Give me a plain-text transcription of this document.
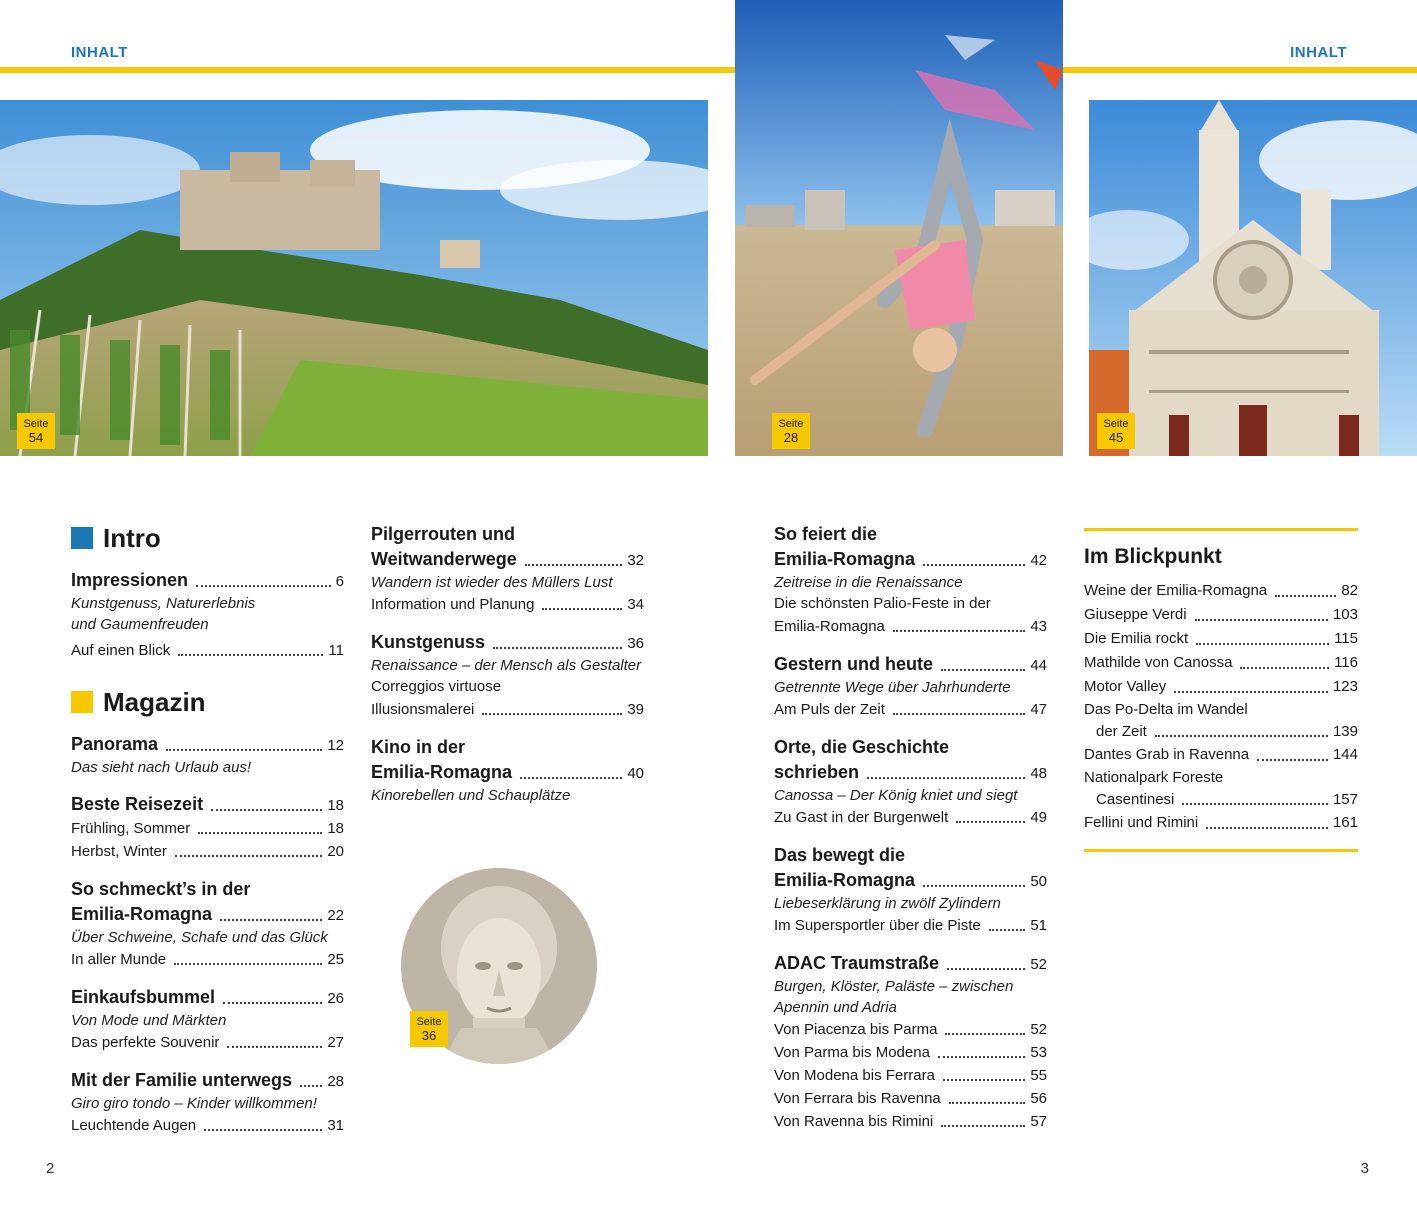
INHALT	INHALT
Seite
54
Seite
28
Seite
45
Intro
Impressionen	6
Kunstgenuss, Naturerlebnis
und Gaumenfreuden
Auf einen Blick	11
Magazin
Panorama	12
Das sieht nach Urlaub aus!
Beste Reisezeit	18
Frühling, Sommer	18
Herbst, Winter	20
So schmeckt’s in der
Emilia-Romagna	22
Über Schweine, Schafe und das Glück
In aller Munde	25
Einkaufsbummel	26
Von Mode und Märkten
Das perfekte Souvenir	27
Mit der Familie unterwegs 28
Giro giro tondo – Kinder willkommen!
Leuchtende Augen	31
Pilgerrouten und
Weitwanderwege	32
Wandern ist wieder des Müllers Lust
Information und Planung	34
Kunstgenuss	36
Renaissance – der Mensch als Gestalter
Correggios virtuose
Illusionsmalerei	39
Kino in der
Emilia-Romagna	40
Kinorebellen und Schauplätze
Seite
36
So feiert die
Emilia-Romagna	42
Zeitreise in die Renaissance
Die schönsten Palio-Feste in der
Emilia-Romagna	43
Gestern und heute	44
Getrennte Wege über Jahrhunderte
Am Puls der Zeit	47
Orte, die Geschichte
schrieben	48
Canossa – Der König kniet und siegt
Zu Gast in der Burgenwelt	49
Das bewegt die
Emilia-Romagna	50
Liebeserklärung in zwölf Zylindern
Im Supersportler über die Piste	51
ADAC Traumstraße	52
Burgen, Klöster, Paläste – zwischen
Apennin und Adria
Von Piacenza bis Parma	52
Von Parma bis Modena	53
Von Modena bis Ferrara	55
Von Ferrara bis Ravenna	56
Von Ravenna bis Rimini	57
Im Blickpunkt
Weine der Emilia-Romagna	82
Giuseppe Verdi	103
Die Emilia rockt	115
Mathilde von Canossa	116
Motor Valley	123
Das Po-Delta im Wandel
der Zeit	139
Dantes Grab in Ravenna	144
Nationalpark Foreste
Casentinesi	157
Fellini und Rimini	161
2	3
